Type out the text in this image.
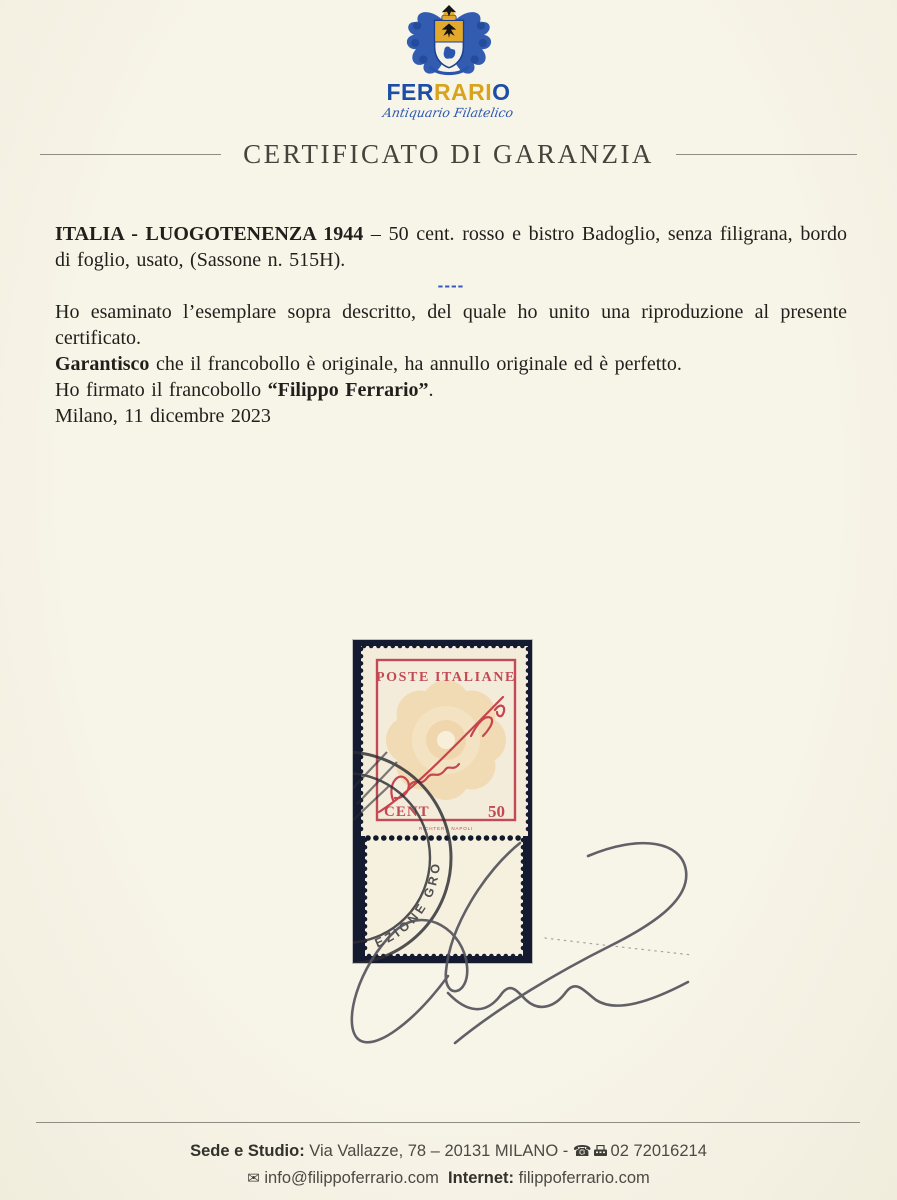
FERRARIO
Antiquario Filatelico
CERTIFICATO DI GARANZIA

ITALIA - LUOGOTENENZA 1944 – 50 cent. rosso e bistro Badoglio, senza filigrana, bordo di foglio, usato, (Sassone n. 515H).

----

Ho esaminato l’esemplare sopra descritto, del quale ho unito una riproduzione al presente certificato.

Garantisco che il francobollo è originale, ha annullo originale ed è perfetto.

Ho firmato il francobollo “Filippo Ferrario”.

Milano, 11 dicembre 2023

POSTE ITALIANE
CENT	50
RICHTER - NAPOLI
EZIONE GRO
Sede e Studio: Via Vallazze, 78 – 20131 MILANO - ☎ 02 72016214
✉ info@filippoferrario.com Internet: filippoferrario.com
